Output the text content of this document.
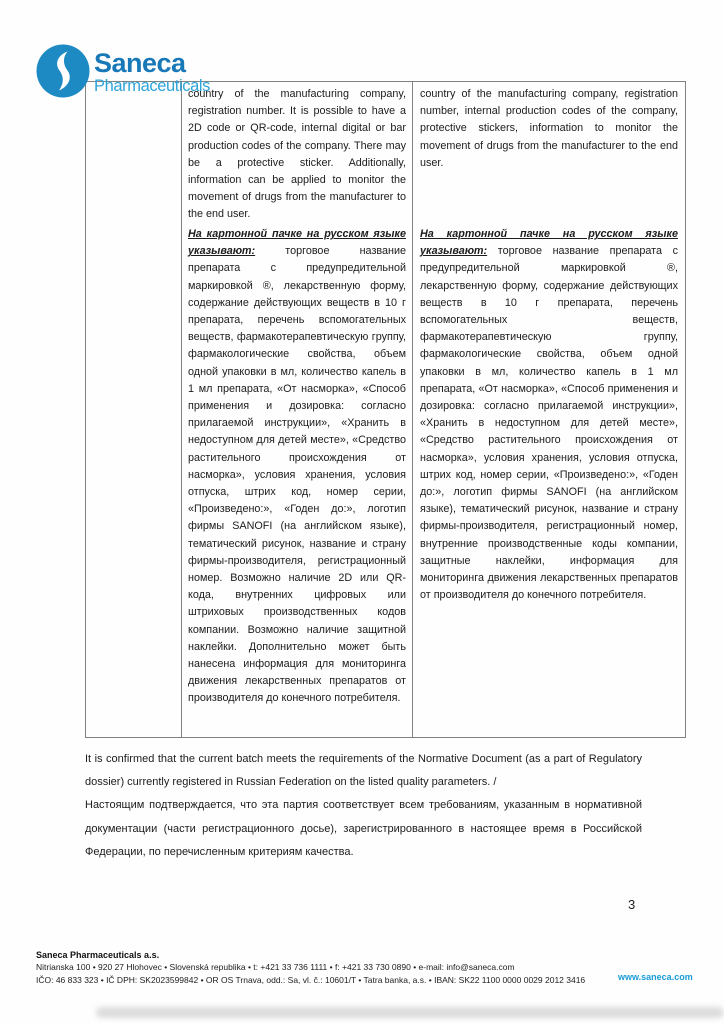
Saneca
Pharmaceuticals

country of the manufacturing company, registration number. It is possible to have a 2D code or QR-code, internal digital or bar production codes of the company. There may be a protective sticker. Additionally, information can be applied to monitor the movement of drugs from the manufacturer to the end user.

На картонной пачке на русском языке указывают:	торговое название препарата с предупредительной маркировкой ®, лекарственную форму, содержание действующих веществ в 10 г препарата, перечень вспомогательных веществ, фармакотерапевтическую группу, фармакологические свойства, объем одной упаковки в мл, количество капель в 1 мл препарата, «От насморка», «Способ применения и дозировка: согласно прилагаемой инструкции», «Хранить в недоступном для детей месте», «Средство растительного происхождения от насморка», условия хранения, условия отпуска, штрих код, номер серии, «Произведено:», «Годен до:», логотип фирмы SANOFI (на английском языке), тематический рисунок, название и страну фирмы-производителя, регистрационный номер. Возможно наличие 2D или QR-кода, внутренних цифровых или штриховых производственных кодов компании. Возможно наличие защитной наклейки. Дополнительно может быть нанесена информация для мониторинга движения лекарственных препаратов от производителя до конечного потребителя.

country of the manufacturing company, registration number, internal production codes of the company, protective stickers, information to monitor the movement of drugs from the manufacturer to the end user.

На картонной пачке на русском языке указывают: торговое название препарата с предупредительной маркировкой ®, лекарственную форму, содержание действующих веществ в 10 г препарата, перечень вспомогательных веществ, фармакотерапевтическую группу, фармакологические свойства, объем одной упаковки в мл, количество капель в 1 мл препарата, «От насморка», «Способ применения и дозировка: согласно прилагаемой инструкции», «Хранить в недоступном для детей месте», «Средство растительного происхождения от насморка», условия хранения, условия отпуска, штрих код, номер серии, «Произведено:», «Годен до:», логотип фирмы SANOFI (на английском языке), тематический рисунок, название и страну фирмы-производителя, регистрационный номер, внутренние производственные коды компании, защитные наклейки, информация для мониторинга движения лекарственных препаратов от производителя до конечного потребителя.

It is confirmed that the current batch meets the requirements of the Normative Document (as a part of Regulatory dossier) currently registered in Russian Federation on the listed quality parameters. /

Настоящим подтверждается, что эта партия соответствует всем требованиям, указанным в нормативной документации (части регистрационного досье), зарегистрированного в настоящее время в Российской Федерации, по перечисленным критериям качества.

3
Saneca Pharmaceuticals a.s.
Nitrianska 100 • 920 27 Hlohovec • Slovenská republika • t: +421 33 736 1111 • f: +421 33 730 0890 • e-mail: info@saneca.com
IČO: 46 833 323 • IČ DPH: SK2023599842 • OR OS Trnava, odd.: Sa, vl. č.: 10601/T • Tatra banka, a.s. • IBAN: SK22 1100 0000 0029 2012 3416	www.saneca.com
